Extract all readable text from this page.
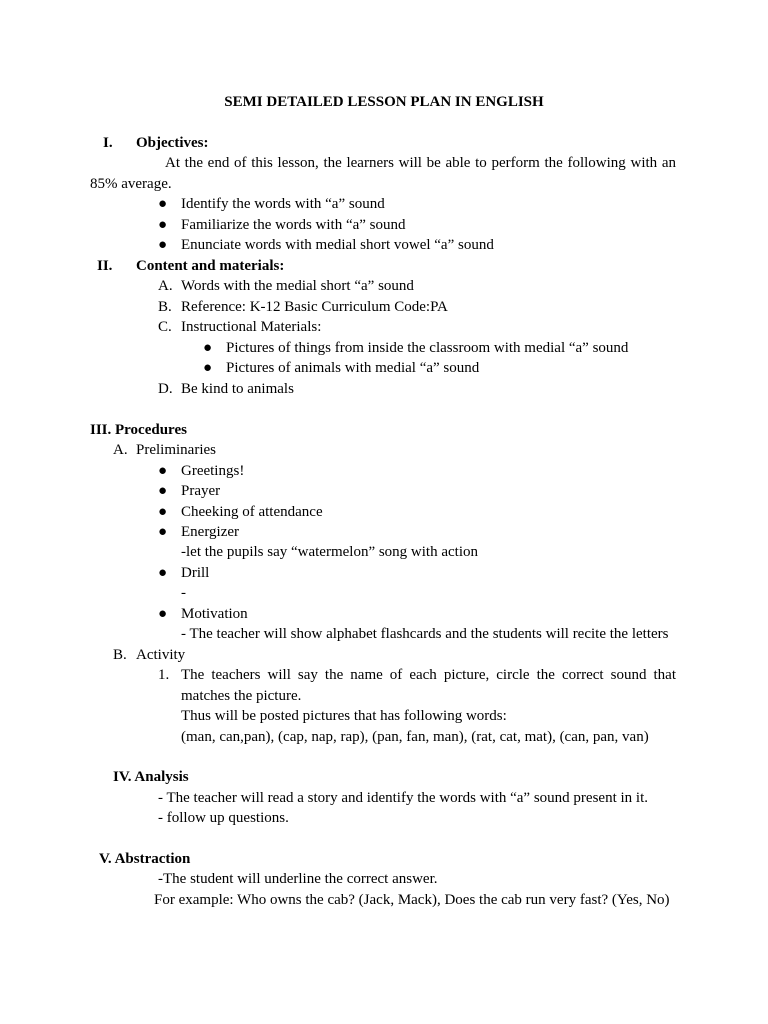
SEMI DETAILED LESSON PLAN IN ENGLISH
I. Objectives:
At the end of this lesson, the learners will be able to perform the following with an
85% average.
● Identify the words with “a” sound
● Familiarize the words with “a” sound
● Enunciate words with medial short vowel “a” sound
II. Content and materials:
A. Words with the medial short “a” sound
B. Reference: K-12 Basic Curriculum Code:PA
C. Instructional Materials:
● Pictures of things from inside the classroom with medial “a” sound
● Pictures of animals with medial “a” sound
D. Be kind to animals
III. Procedures
A. Preliminaries
● Greetings!
● Prayer
● Cheeking of attendance
● Energizer
-let the pupils say “watermelon” song with action
● Drill
-
● Motivation
- The teacher will show alphabet flashcards and the students will recite the letters
B. Activity
1. The teachers will say the name of each picture, circle the correct sound that
matches the picture.
Thus will be posted pictures that has following words:
(man, can,pan), (cap, nap, rap), (pan, fan, man), (rat, cat, mat), (can, pan, van)
IV. Analysis
- The teacher will read a story and identify the words with “a” sound present in it.
- follow up questions.
V. Abstraction
-The student will underline the correct answer.
For example: Who owns the cab? (Jack, Mack), Does the cab run very fast? (Yes, No)
